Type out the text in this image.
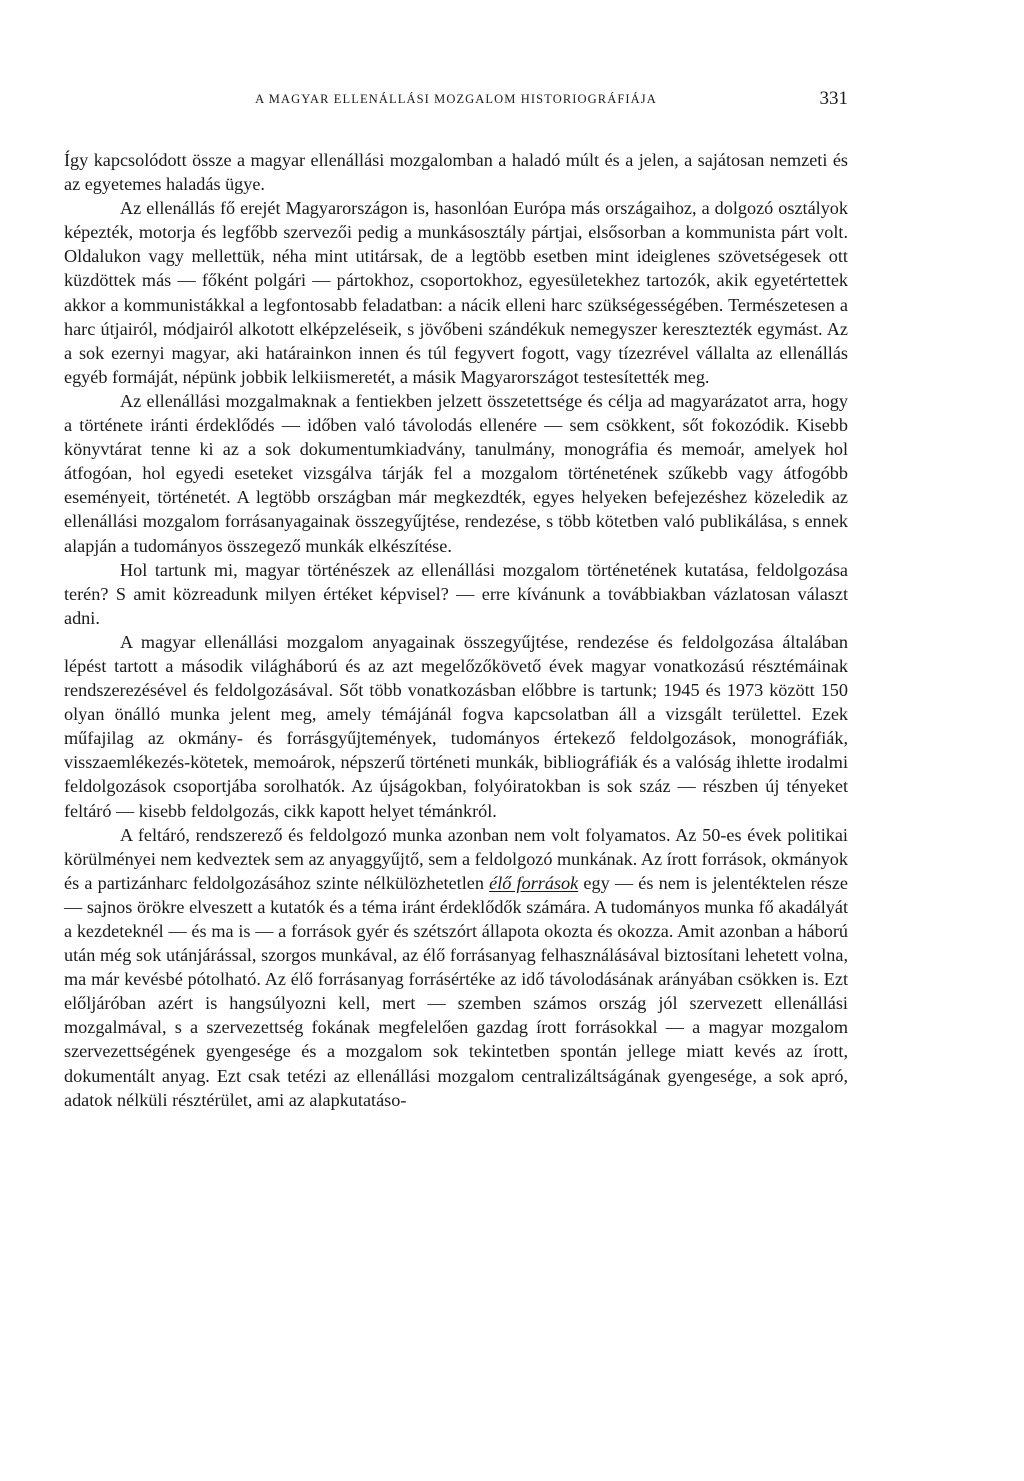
A MAGYAR ELLENÁLLÁSI MOZGALOM HISTORIOGRÁFIÁJA	331

Így kapcsolódott össze a magyar ellenállási mozgalomban a haladó múlt és a jelen, a sajátosan nemzeti és az egyetemes haladás ügye.

Az ellenállás fő erejét Magyarországon is, hasonlóan Európa más országaihoz, a dolgozó osztályok képezték, motorja és legfőbb szervezői pedig a munkásosztály pártjai, elsősorban a kommunista párt volt. Oldalukon vagy mellettük, néha mint utitársak, de a legtöbb esetben mint ideiglenes szövetségesek ott küzdöttek más — főként polgári — pártokhoz, csoportokhoz, egyesületekhez tartozók, akik egyetértettek akkor a kommunistákkal a legfontosabb feladatban: a nácik elleni harc szükségességében. Természetesen a harc útjairól, módjairól alkotott elképzeléseik, s jövőbeni szándékuk nemegyszer keresztezték egymást. Az a sok ezernyi magyar, aki határainkon innen és túl fegyvert fogott, vagy tízezrével vállalta az ellenállás egyéb formáját, népünk jobbik lelkiismeretét, a másik Magyarországot testesítették meg.

Az ellenállási mozgalmaknak a fentiekben jelzett összetettsége és célja ad magyarázatot arra, hogy a története iránti érdeklődés — időben való távolodás ellenére — sem csökkent, sőt fokozódik. Kisebb könyvtárat tenne ki az a sok dokumentumkiadvány, tanulmány, monográfia és memoár, amelyek hol átfogóan, hol egyedi eseteket vizsgálva tárják fel a mozgalom történetének szűkebb vagy átfogóbb eseményeit, történetét. A legtöbb országban már megkezdték, egyes helyeken befejezéshez közeledik az ellenállási mozgalom forrásanyagainak összegyűjtése, rendezése, s több kötetben való publikálása, s ennek alapján a tudományos összegező munkák elkészítése.

Hol tartunk mi, magyar történészek az ellenállási mozgalom történetének kutatása, feldolgozása terén? S amit közreadunk milyen értéket képvisel? — erre kívánunk a továbbiakban vázlatosan választ adni.

A magyar ellenállási mozgalom anyagainak összegyűjtése, rendezése és feldolgozása általában lépést tartott a második világháború és az azt megelőzőkövető évek magyar vonatkozású résztémáinak rendszerezésével és feldolgozásával. Sőt több vonatkozásban előbbre is tartunk; 1945 és 1973 között 150 olyan önálló munka jelent meg, amely témájánál fogva kapcsolatban áll a vizsgált területtel. Ezek műfajilag az okmány- és forrásgyűjtemények, tudományos értekező feldolgozások, monográfiák, visszaemlékezés-kötetek, memoárok, népszerű történeti munkák, bibliográfiák és a valóság ihlette irodalmi feldolgozások csoportjába sorolhatók. Az újságokban, folyóiratokban is sok száz — részben új tényeket feltáró — kisebb feldolgozás, cikk kapott helyet témánkról.

A feltáró, rendszerező és feldolgozó munka azonban nem volt folyamatos. Az 50-es évek politikai körülményei nem kedveztek sem az anyaggyűjtő, sem a feldolgozó munkának. Az írott források, okmányok és a partizánharc feldolgozásához szinte nélkülözhetetlen élő források egy — és nem is jelentéktelen része — sajnos örökre elveszett a kutatók és a téma iránt érdeklődők számára. A tudományos munka fő akadályát a kezdeteknél — és ma is — a források gyér és szétszórt állapota okozta és okozza. Amit azonban a háború után még sok utánjárással, szorgos munkával, az élő forrásanyag felhasználásával biztosítani lehetett volna, ma már kevésbé pótolható. Az élő forrásanyag forrásértéke az idő távolodásának arányában csökken is. Ezt előljáróban azért is hangsúlyozni kell, mert — szemben számos ország jól szervezett ellenállási mozgalmával, s a szervezettség fokának megfelelően gazdag írott forrásokkal — a magyar mozgalom szervezettségének gyengesége és a mozgalom sok tekintetben spontán jellege miatt kevés az írott, dokumentált anyag. Ezt csak tetézi az ellenállási mozgalom centralizáltságának gyengesége, a sok apró, adatok nélküli résztérület, ami az alapkutatáso-
